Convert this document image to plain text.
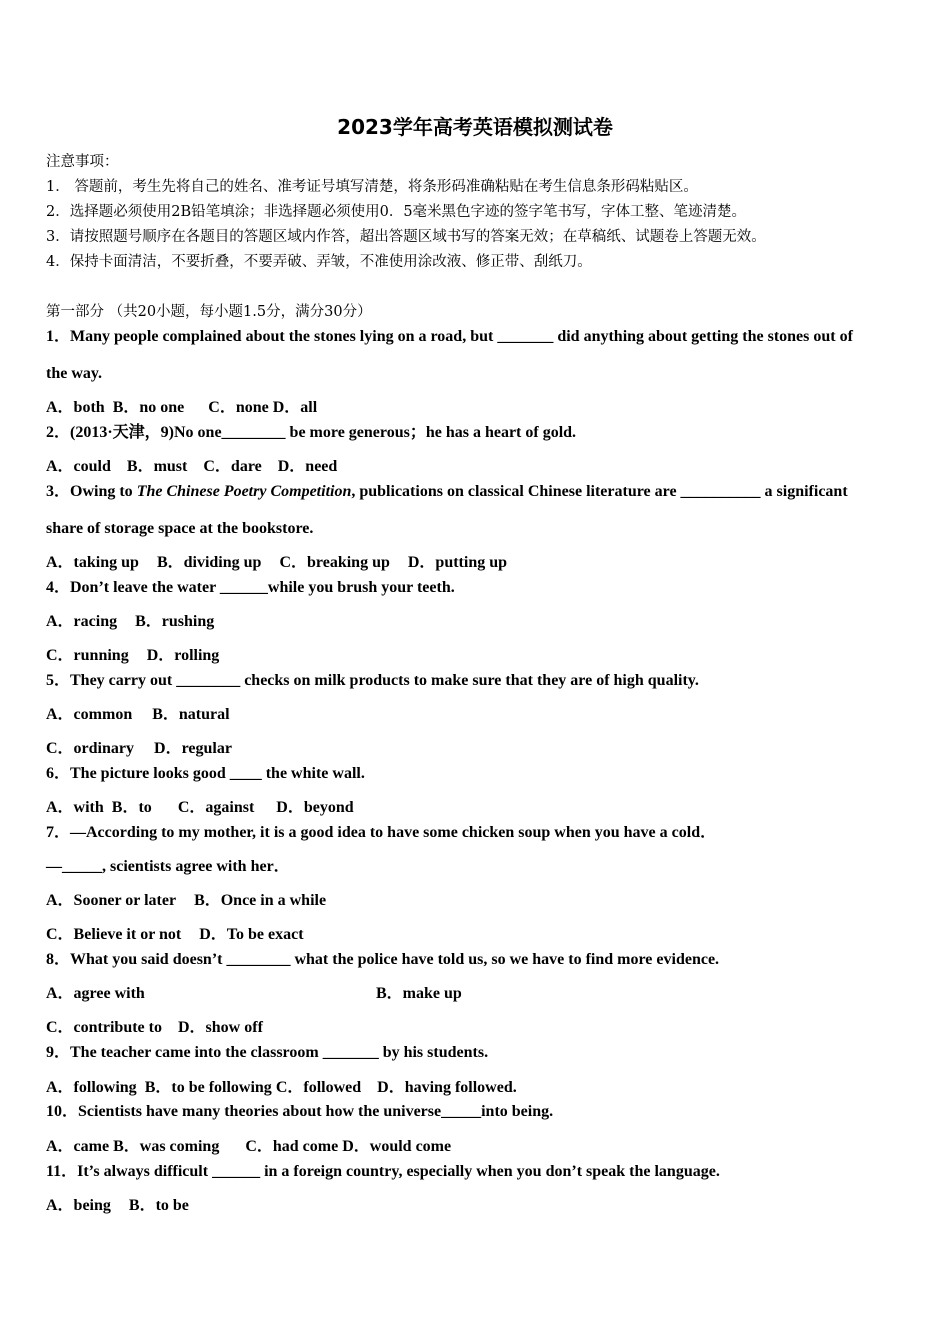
2023学年高考英语模拟测试卷
注意事项：
1． 答题前，考生先将自己的姓名、准考证号填写清楚，将条形码准确粘贴在考生信息条形码粘贴区。
2．选择题必须使用2B铅笔填涂；非选择题必须使用0．5毫米黑色字迹的签字笔书写，字体工整、笔迹清楚。
3．请按照题号顺序在各题目的答题区域内作答，超出答题区域书写的答案无效；在草稿纸、试题卷上答题无效。
4．保持卡面清洁，不要折叠，不要弄破、弄皱，不准使用涂改液、修正带、刮纸刀。
第一部分 （共20小题，每小题1.5分，满分30分）
1．Many people complained about the stones lying on a road, but _______ did anything about getting the stones out of
the way.
A．both B．no one C．none D．all
2．(2013·天津，9)No one________ be more generous；he has a heart of gold.
A．could B．must C．dare D．need
3．Owing to The Chinese Poetry Competition, publications on classical Chinese literature are __________ a significant
share of storage space at the bookstore.
A．taking up B．dividing up C．breaking up D．putting up
4．Don’t leave the water ______while you brush your teeth.
A．racing B．rushing
C．running D．rolling
5．They carry out ________ checks on milk products to make sure that they are of high quality.
A．common B．natural
C．ordinary D．regular
6．The picture looks good ____ the white wall.
A．with B．to C．against D．beyond
7．—According to my mother, it is a good idea to have some chicken soup when you have a cold．
—_____, scientists agree with her．
A．Sooner or later B．Once in a while
C．Believe it or not D．To be exact
8．What you said doesn’t ________ what the police have told us, so we have to find more evidence.
A．agree with	B．make up
C．contribute to D．show off
9．The teacher came into the classroom _______ by his students.
A．following B．to be following C．followed D．having followed.
10．Scientists have many theories about how the universe_____into being.
A．came B．was coming C．had come D．would come
11．It’s always difficult ______ in a foreign country, especially when you don’t speak the language.
A．being B．to be
